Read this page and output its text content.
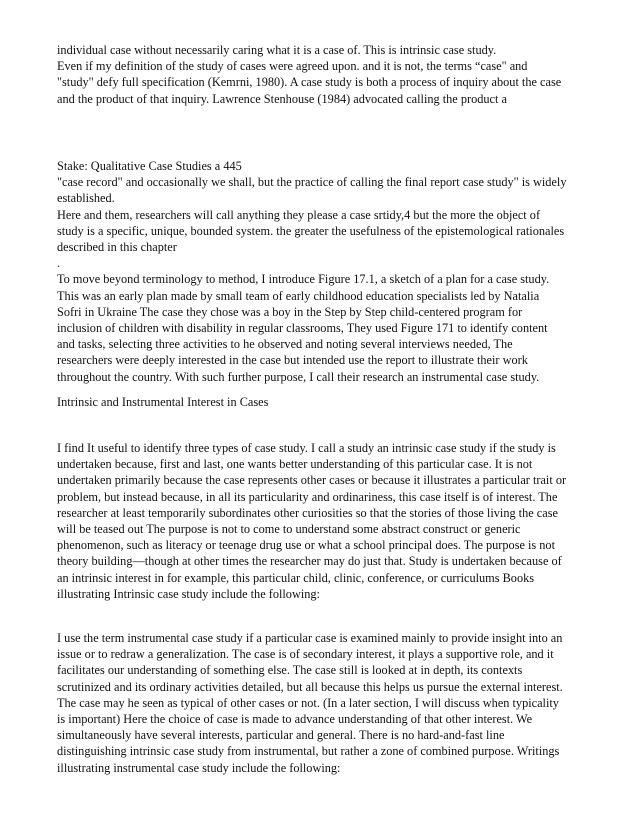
individual case without necessarily caring what it is a case of. This is intrinsic case study.
Even if my definition of the study of cases were agreed upon. and it is not, the terms “case" and
"study" defy full specification (Kemrni, 1980). A case study is both a process of inquiry about the case
and the product of that inquiry. Lawrence Stenhouse (1984) advocated calling the product a
Stake: Qualitative Case Studies a 445
"case record" and occasionally we shall, but the practice of calling the final report case study" is widely
established.
Here and them, researchers will call anything they please a case srtidy,4 but the more the object of
study is a specific, unique, bounded system. the greater the usefulness of the epistemological rationales
described in this chapter
.
To move beyond terminology to method, I introduce Figure 17.1, a sketch of a plan for a case study.
This was an early plan made by small team of early childhood education specialists led by Natalia
Sofri in Ukraine The case they chose was a boy in the Step by Step child-centered program for
inclusion of children with disability in regular classrooms, They used Figure 171 to identify content
and tasks, selecting three activities to he observed and noting several interviews needed, The
researchers were deeply interested in the case but intended use the report to illustrate their work
throughout the country. With such further purpose, I call their research an instrumental case study.
Intrinsic and Instrumental Interest in Cases
I find It useful to identify three types of case study. I call a study an intrinsic case study if the study is
undertaken because, first and last, one wants better understanding of this particular case. It is not
undertaken primarily because the case represents other cases or because it illustrates a particular trait or
problem, but instead because, in all its particularity and ordinariness, this case itself is of interest. The
researcher at least temporarily subordinates other curiosities so that the stories of those living the case
will be teased out The purpose is not to come to understand some abstract construct or generic
phenomenon, such as literacy or teenage drug use or what a school principal does. The purpose is not
theory building—though at other times the researcher may do just that. Study is undertaken because of
an intrinsic interest in for example, this particular child, clinic, conference, or curriculums Books
illustrating Intrinsic case study include the following:
I use the term instrumental case study if a particular case is examined mainly to provide insight into an
issue or to redraw a generalization. The case is of secondary interest, it plays a supportive role, and it
facilitates our understanding of something else. The case still is looked at in depth, its contexts
scrutinized and its ordinary activities detailed, but all because this helps us pursue the external interest.
The case may he seen as typical of other cases or not. (In a later section, I will discuss when typicality
is important) Here the choice of case is made to advance understanding of that other interest. We
simultaneously have several interests, particular and general. There is no hard-and-fast line
distinguishing intrinsic case study from instrumental, but rather a zone of combined purpose. Writings
illustrating instrumental case study include the following:
